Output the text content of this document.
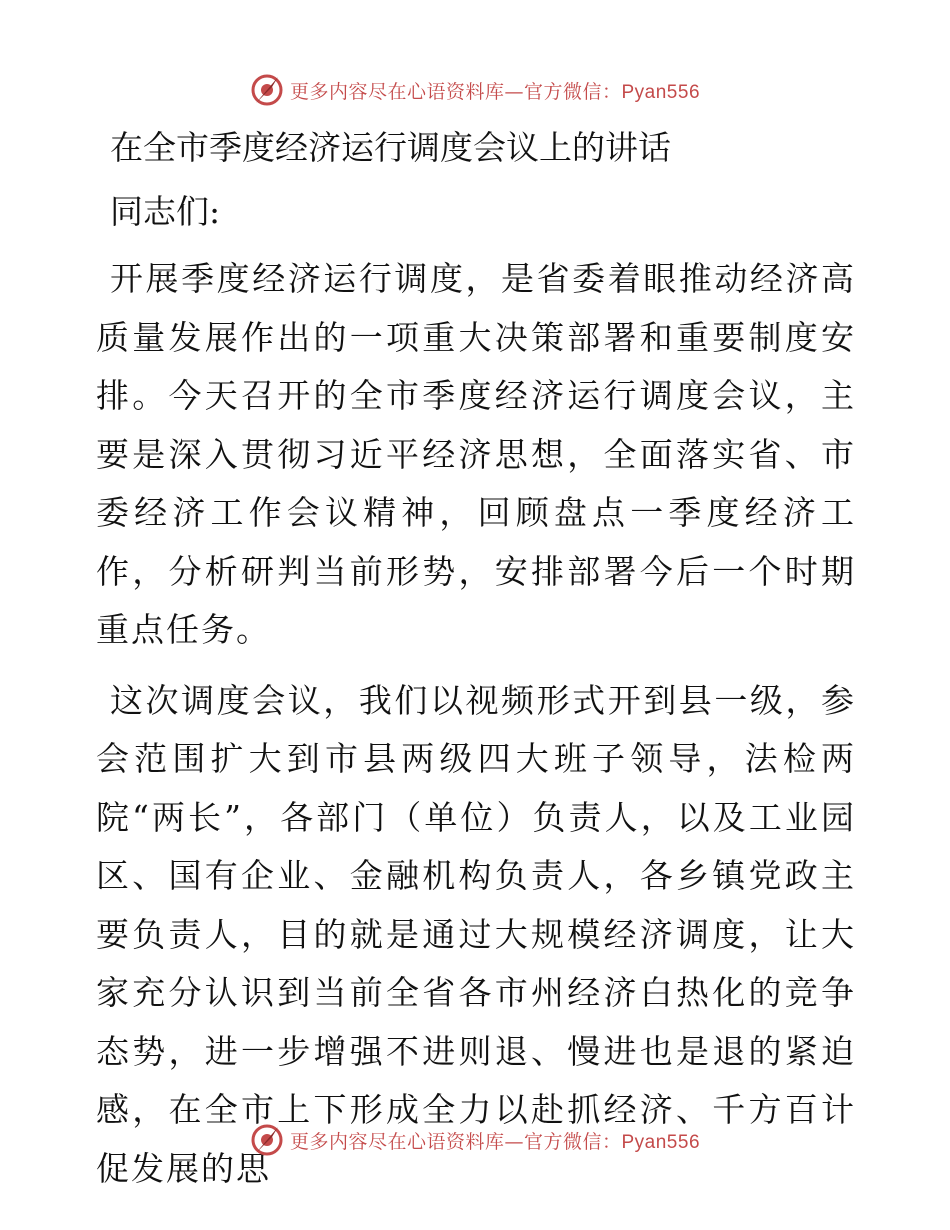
更多内容尽在心语资料库—官方微信：Pyan556
在全市季度经济运行调度会议上的讲话
同志们:

开展季度经济运行调度，是省委着眼推动经济高质量发展作出的一项重大决策部署和重要制度安排。今天召开的全市季度经济运行调度会议，主要是深入贯彻习近平经济思想，全面落实省、市委经济工作会议精神，回顾盘点一季度经济工作，分析研判当前形势，安排部署今后一个时期重点任务。

这次调度会议，我们以视频形式开到县一级，参会范围扩大到市县两级四大班子领导，法检两院“两长”，各部门（单位）负责人，以及工业园区、国有企业、金融机构负责人，各乡镇党政主要负责人，目的就是通过大规模经济调度，让大家充分认识到当前全省各市州经济白热化的竞争态势，进一步增强不进则退、慢进也是退的紧迫感，在全市上下形成全力以赴抓经济、千方百计促发展的思

更多内容尽在心语资料库—官方微信：Pyan556
